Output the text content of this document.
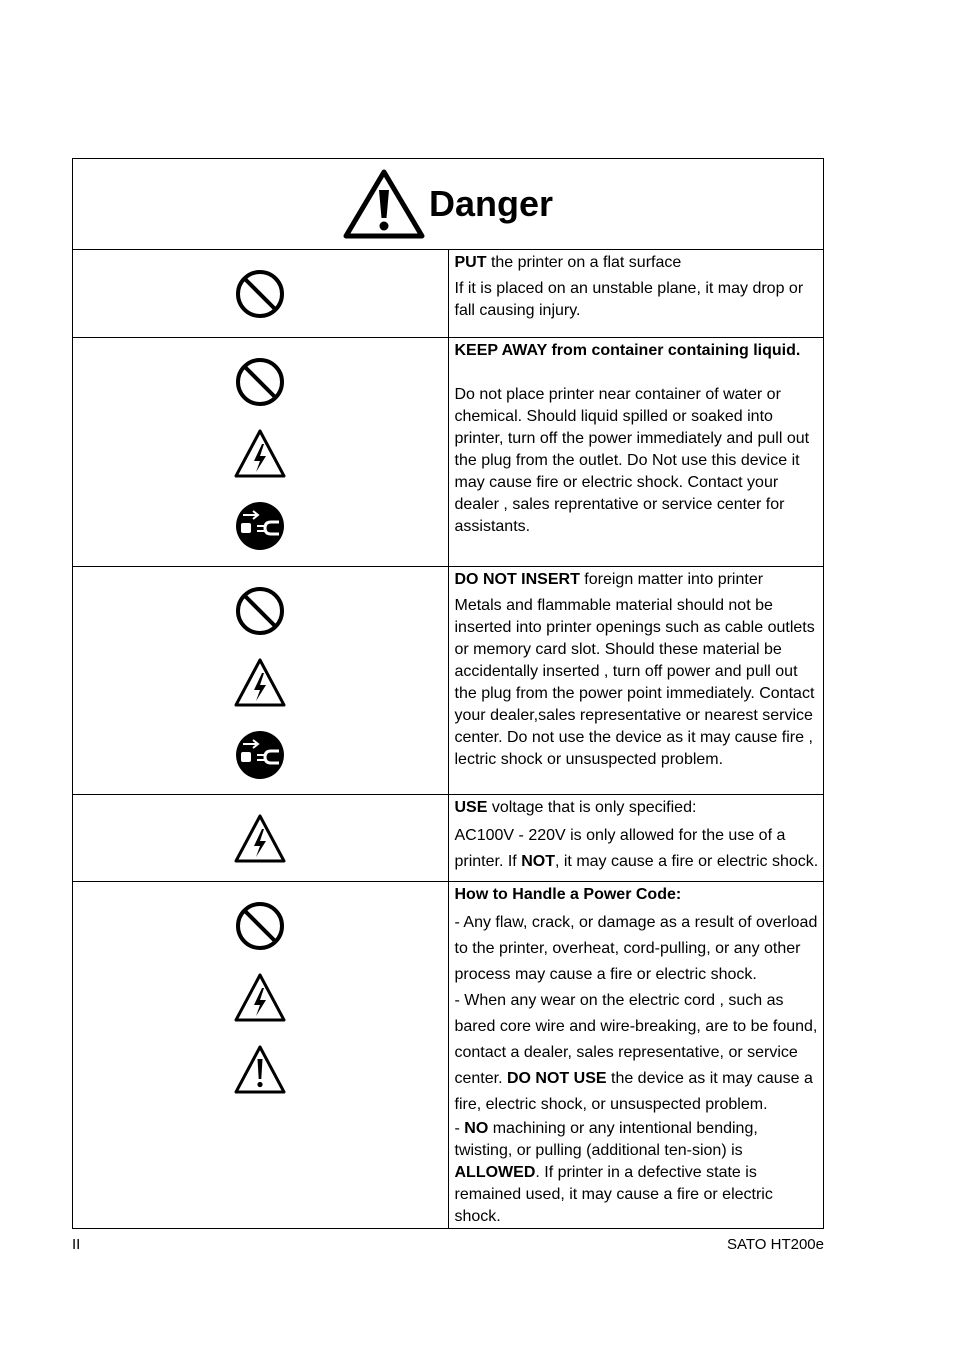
Danger	

PUT the printer on a flat surface

If it is placed on an unstable plane, it may drop or fall causing injury.

KEEP AWAY from container containing liquid.

Do not place printer near container of water or chemical. Should liquid spilled or soaked into printer, turn off the power immediately and pull out the plug from the outlet. Do Not use this device it may cause fire or electric shock. Contact your dealer , sales reprentative or service center for assistants.

DO NOT INSERT foreign matter into printer

Metals and flammable material should not be inserted into printer openings such as cable outlets or memory card slot. Should these material be accidentally inserted , turn off power and pull out the plug from the power point immediately. Contact your dealer,sales representative or nearest service center. Do not use the device as it may cause fire , lectric shock or unsuspected problem.

USE voltage that is only specified:

AC100V - 220V is only allowed for the use of a printer. If NOT, it may cause a fire or electric shock.

How to Handle a Power Code:

- Any flaw, crack, or damage as a result of overload to the printer, overheat, cord-pulling, or any other process may cause a fire or electric shock.

- When any wear on the electric cord , such as bared core wire and wire-breaking, are to be found, contact a dealer, sales representative, or service center. DO NOT USE the device as it may cause a fire, electric shock, or unsuspected problem.

- NO machining or any intentional bending, twisting, or pulling (additional ten-sion) is ALLOWED. If printer in a defective state is remained used, it may cause a fire or electric shock.

II	SATO HT200e
